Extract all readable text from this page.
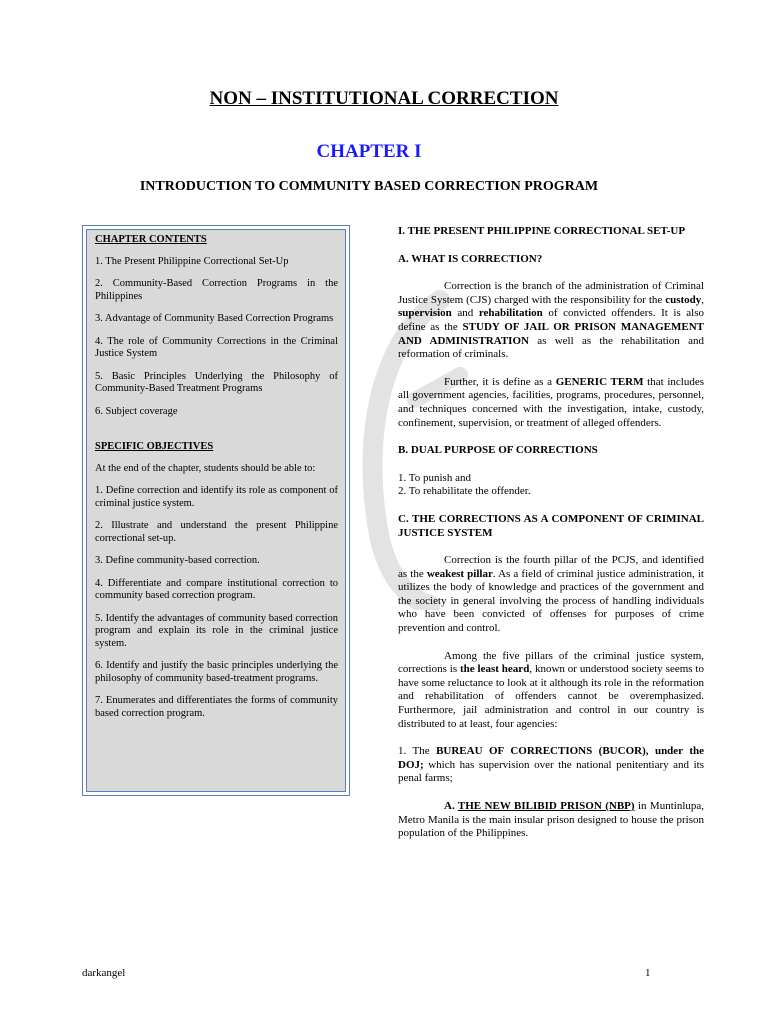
NON – INSTITUTIONAL CORRECTION
CHAPTER I
INTRODUCTION TO COMMUNITY BASED CORRECTION PROGRAM

CHAPTER CONTENTS

1. The Present Philippine Correctional Set-Up

2. Community-Based Correction Programs in the Philippines

3. Advantage of Community Based Correction Programs

4. The role of Community Corrections in the Criminal Justice System

5. Basic Principles Underlying the Philosophy of Community-Based Treatment Programs

6. Subject coverage

SPECIFIC OBJECTIVES

At the end of the chapter, students should be able to:

1. Define correction and identify its role as component of criminal justice system.

2. Illustrate and understand the present Philippine correctional set-up.

3. Define community-based correction.

4. Differentiate and compare institutional correction to community based correction program.

5. Identify the advantages of community based correction program and explain its role in the criminal justice system.

6. Identify and justify the basic principles underlying the philosophy of community based-treatment programs.

7. Enumerates and differentiates the forms of community based correction program.

I. THE PRESENT PHILIPPINE CORRECTIONAL SET-UP

A. WHAT IS CORRECTION?

Correction is the branch of the administration of Criminal Justice System (CJS) charged with the responsibility for the custody, supervision and rehabilitation of convicted offenders. It is also define as the STUDY OF JAIL OR PRISON MANAGEMENT AND ADMINISTRATION as well as the rehabilitation and reformation of criminals.

Further, it is define as a GENERIC TERM that includes all government agencies, facilities, programs, procedures, personnel, and techniques concerned with the investigation, intake, custody, confinement, supervision, or treatment of alleged offenders.

B. DUAL PURPOSE OF CORRECTIONS

1. To punish and

2. To rehabilitate the offender.

C. THE CORRECTIONS AS A COMPONENT OF CRIMINAL JUSTICE SYSTEM

Correction is the fourth pillar of the PCJS, and identified as the weakest pillar. As a field of criminal justice administration, it utilizes the body of knowledge and practices of the government and the society in general involving the process of handling individuals who have been convicted of offenses for purposes of crime prevention and control.

Among the five pillars of the criminal justice system, corrections is the least heard, known or understood society seems to have some reluctance to look at it although its role in the reformation and rehabilitation of offenders cannot be overemphasized. Furthermore, jail administration and control in our country is distributed to at least, four agencies:

1. The BUREAU OF CORRECTIONS (BUCOR), under the DOJ; which has supervision over the national penitentiary and its penal farms;

A. THE NEW BILIBID PRISON (NBP) in Muntinlupa, Metro Manila is the main insular prison designed to house the prison population of the Philippines.

darkangel	1
